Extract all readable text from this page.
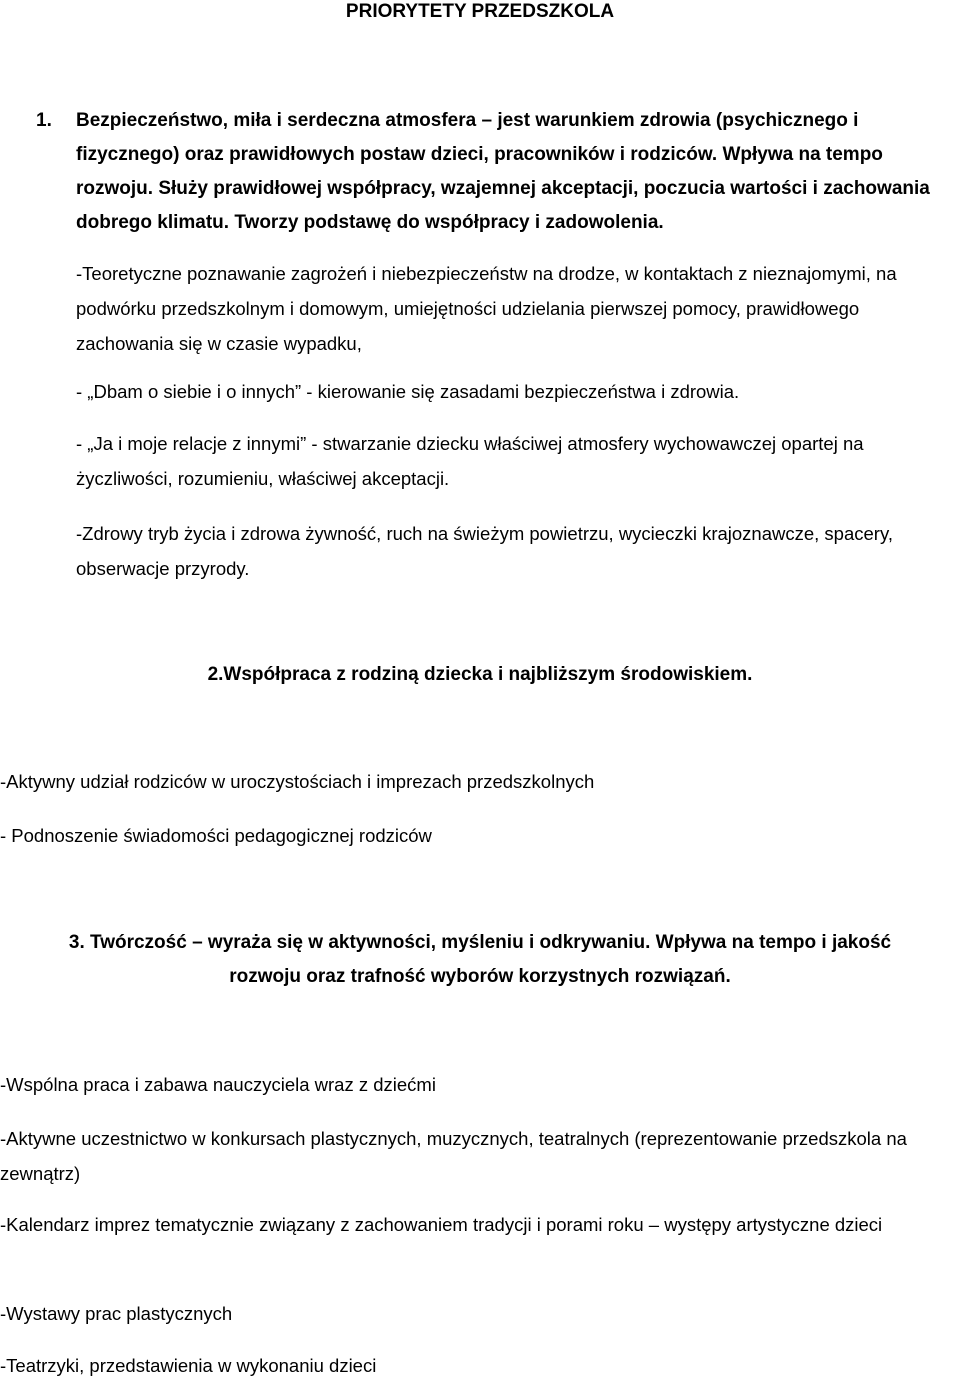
PRIORYTETY PRZEDSZKOLA
1.	Bezpieczeństwo, miła i serdeczna atmosfera – jest warunkiem zdrowia (psychicznego i fizycznego) oraz prawidłowych postaw dzieci, pracowników i rodziców. Wpływa na tempo rozwoju. Służy prawidłowej współpracy, wzajemnej akceptacji, poczucia wartości i zachowania dobrego klimatu. Tworzy podstawę do współpracy i zadowolenia.
-Teoretyczne poznawanie zagrożeń i niebezpieczeństw na drodze, w kontaktach z nieznajomymi, na podwórku przedszkolnym i domowym, umiejętności udzielania pierwszej pomocy, prawidłowego zachowania się w czasie wypadku,
- „Dbam o siebie i o innych” - kierowanie się zasadami bezpieczeństwa i zdrowia.
- „Ja i moje relacje z innymi” - stwarzanie dziecku właściwej atmosfery wychowawczej opartej na życzliwości, rozumieniu, właściwej akceptacji.
-Zdrowy tryb życia i zdrowa żywność, ruch na świeżym powietrzu, wycieczki krajoznawcze, spacery, obserwacje przyrody.
2.Współpraca z rodziną dziecka i najbliższym środowiskiem.
-Aktywny udział rodziców w uroczystościach i imprezach przedszkolnych
- Podnoszenie świadomości pedagogicznej rodziców
3. Twórczość – wyraża się w aktywności, myśleniu i odkrywaniu. Wpływa na tempo i jakość
rozwoju oraz trafność wyborów korzystnych rozwiązań.
-Wspólna praca i zabawa nauczyciela wraz z dziećmi
-Aktywne uczestnictwo w konkursach plastycznych, muzycznych, teatralnych (reprezentowanie przedszkola na zewnątrz)
-Kalendarz imprez tematycznie związany z zachowaniem tradycji i porami roku – występy artystyczne dzieci
-Wystawy prac plastycznych
-Teatrzyki, przedstawienia w wykonaniu dzieci
